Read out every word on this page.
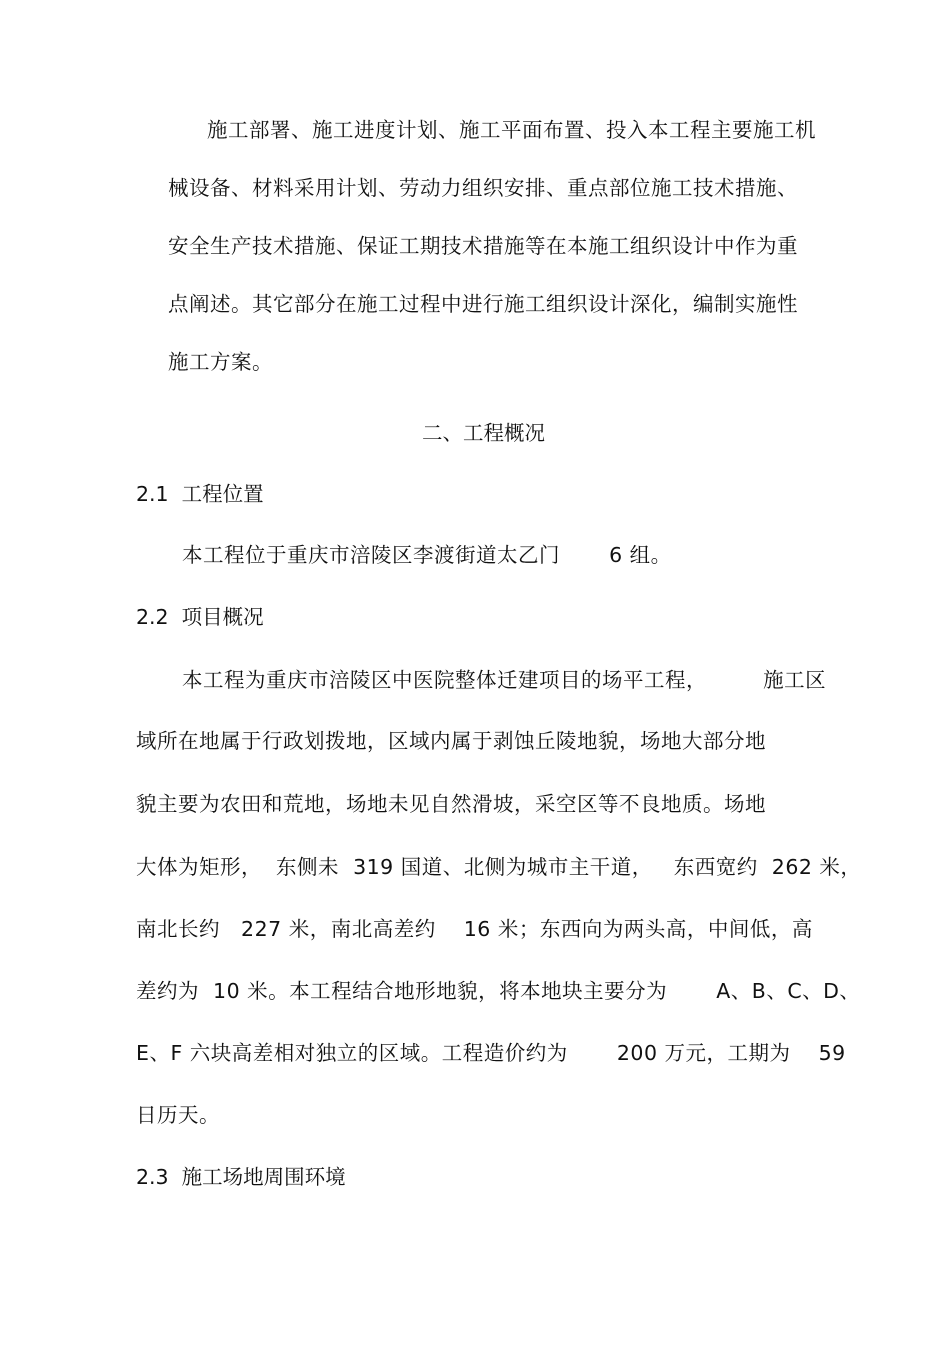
施工部署、施工进度计划、施工平面布置、投入本工程主要施工机
械设备、材料采用计划、劳动力组织安排、重点部位施工技术措施、
安全生产技术措施、保证工期技术措施等在本施工组织设计中作为重
点阐述。其它部分在施工过程中进行施工组织设计深化，编制实施性
施工方案。
二、工程概况
2.1  工程位置
本工程位于重庆市涪陵区李渡街道太乙门       6 组。
2.2  项目概况
本工程为重庆市涪陵区中医院整体迁建项目的场平工程，        施工区
域所在地属于行政划拨地，区域内属于剥蚀丘陵地貌，场地大部分地
貌主要为农田和荒地，场地未见自然滑坡，采空区等不良地质。场地
大体为矩形，  东侧未  319 国道、北侧为城市主干道，   东西宽约  262 米，
南北长约   227 米，南北高差约    16 米；东西向为两头高，中间低，高
差约为  10 米。本工程结合地形地貌，将本地块主要分为       A、B、C、D、
E、F 六块高差相对独立的区域。工程造价约为       200 万元，工期为    59
日历天。
2.3  施工场地周围环境
